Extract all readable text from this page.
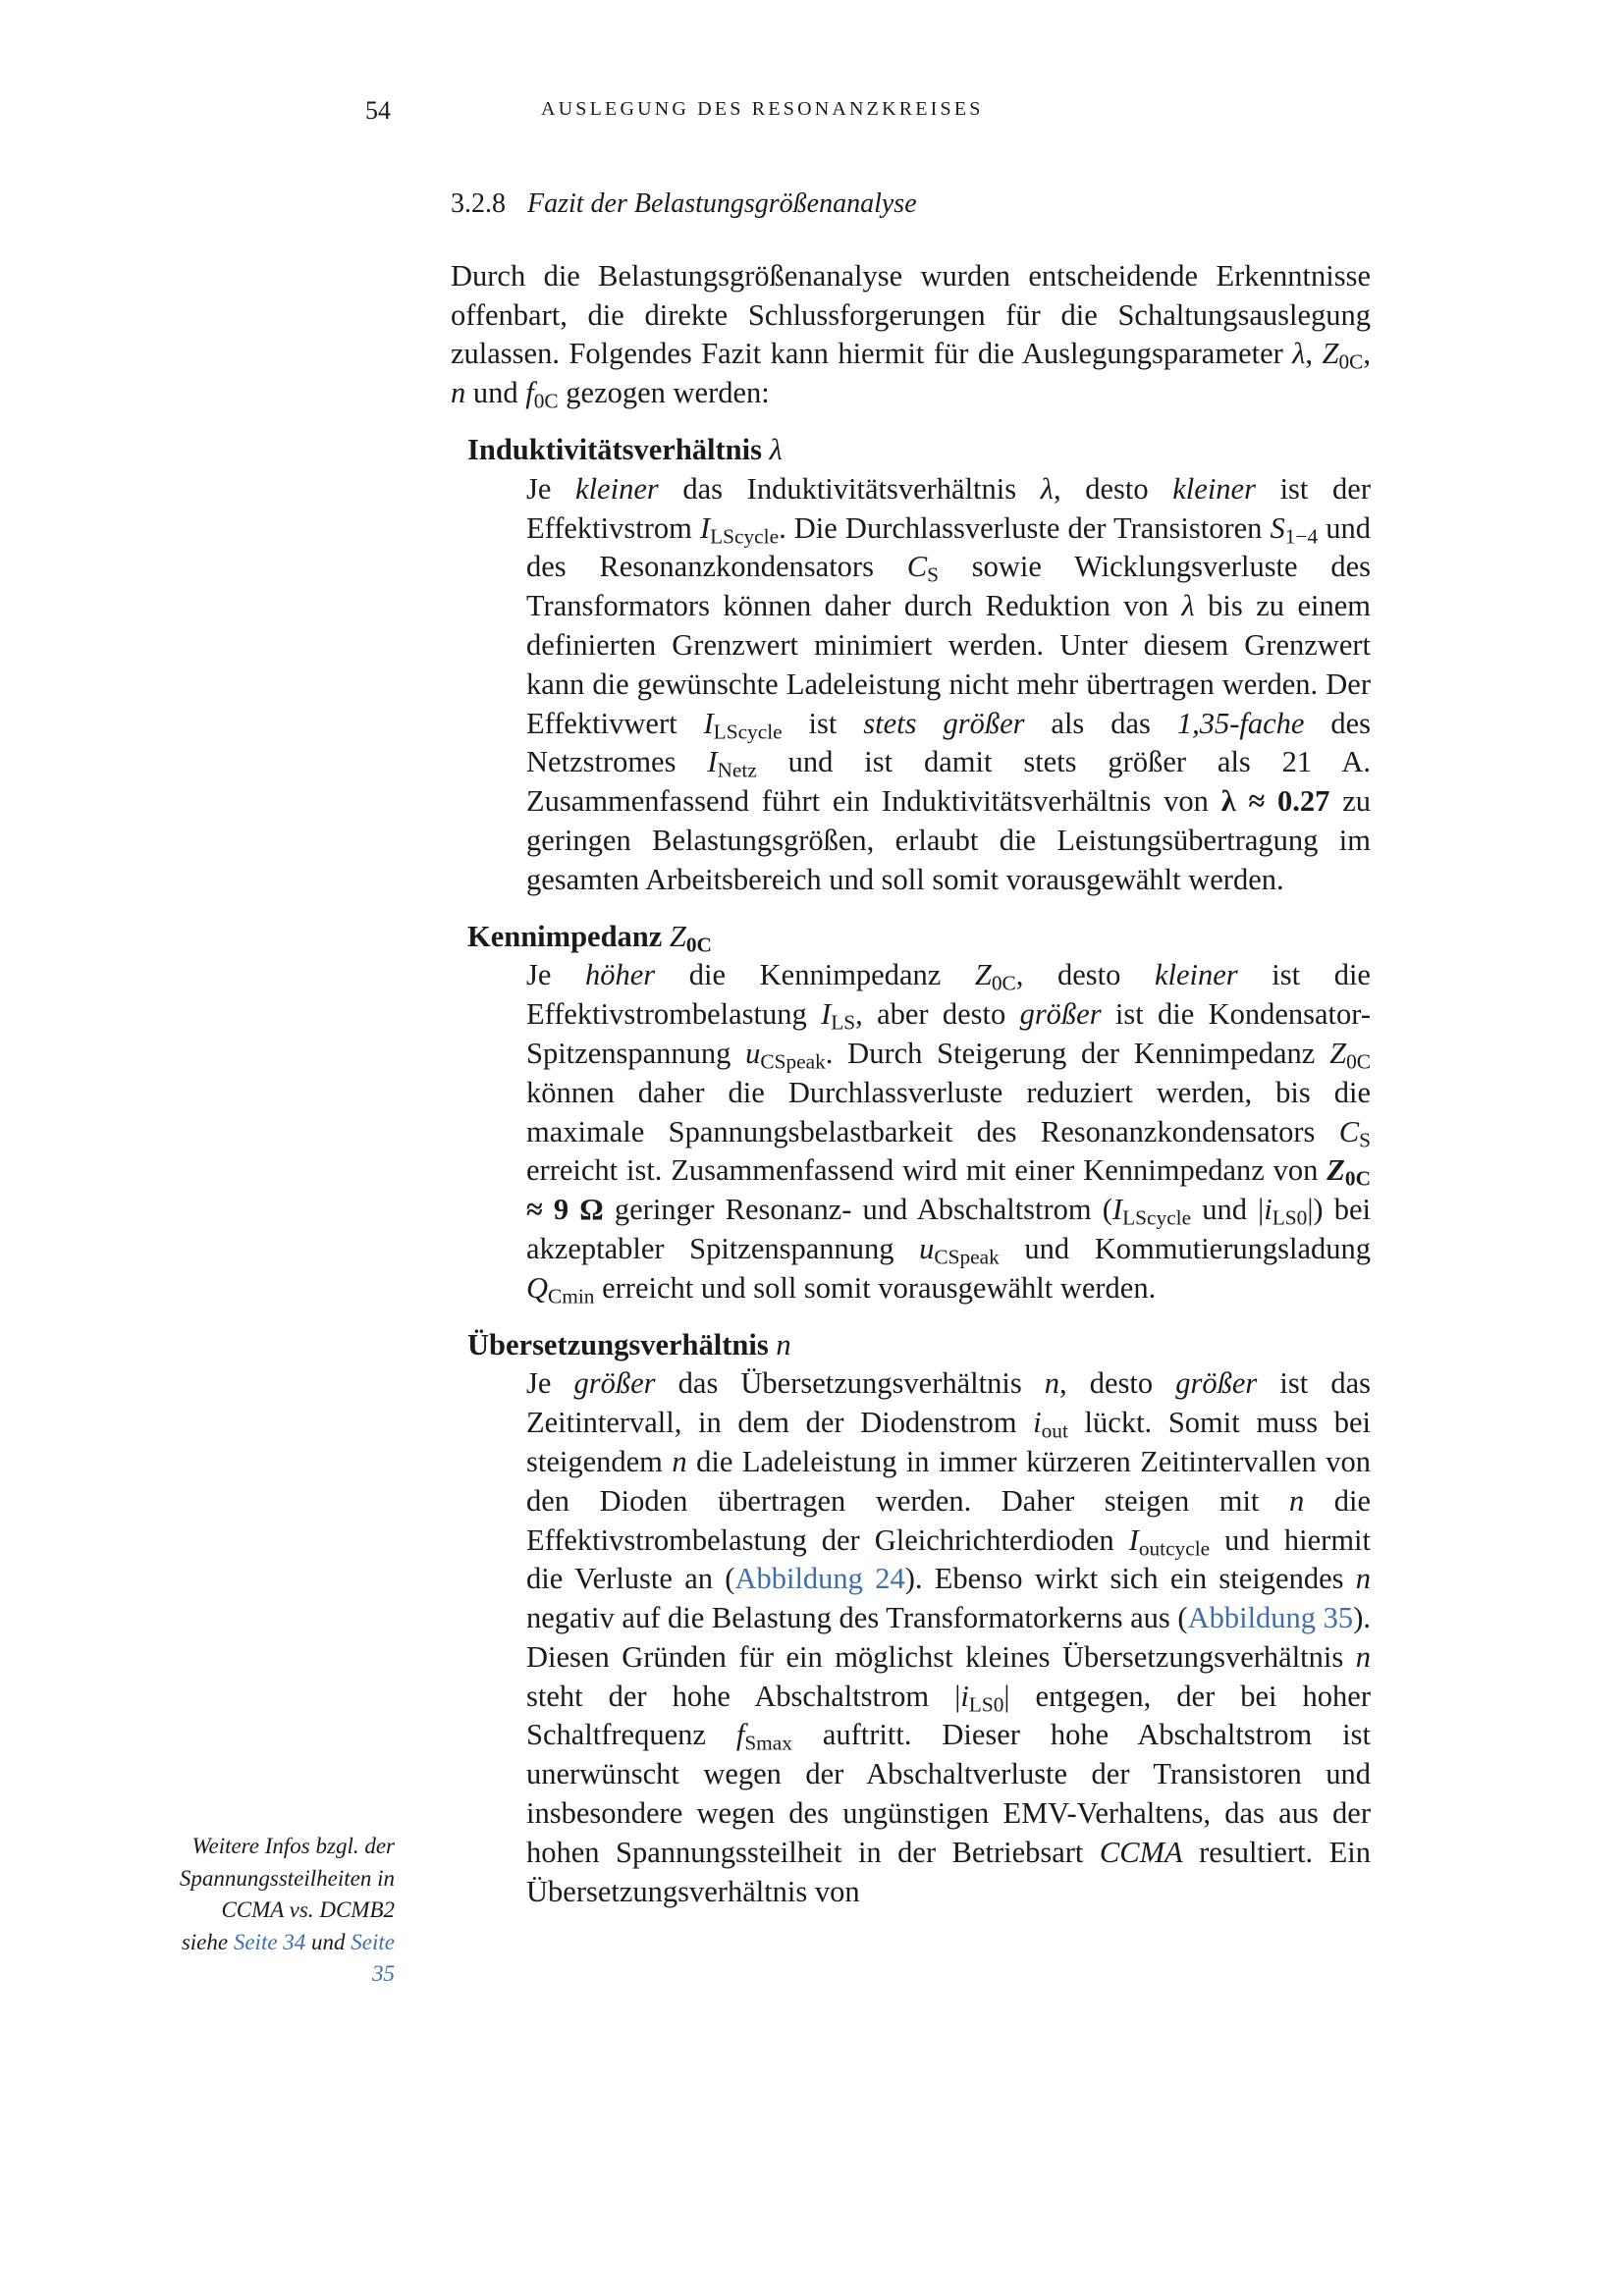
54	AUSLEGUNG DES RESONANZKREISES
3.2.8 Fazit der Belastungsgrößenanalyse

Durch die Belastungsgrößenanalyse wurden entscheidende Erkenntnisse offenbart, die direkte Schlussforgerungen für die Schaltungsauslegung zulassen. Folgendes Fazit kann hiermit für die Auslegungsparameter λ, $Z_{0C}$, n und $f_{0C}$ gezogen werden:

Induktivitätsverhältnis λ

Je kleiner das Induktivitätsverhältnis λ, desto kleiner ist der Effektivstrom $I_{LScycle}$. Die Durchlassverluste der Transistoren $S_{1-4}$ und des Resonanzkondensators $C_S$ sowie Wicklungsverluste des Transformators können daher durch Reduktion von λ bis zu einem definierten Grenzwert minimiert werden. Unter diesem Grenzwert kann die gewünschte Ladeleistung nicht mehr übertragen werden. Der Effektivwert $I_{LScycle}$ ist stets größer als das 1,35-fache des Netzstromes $I_{Netz}$ und ist damit stets größer als 21 A. Zusammenfassend führt ein Induktivitätsverhältnis von λ ≈ 0.27 zu geringen Belastungsgrößen, erlaubt die Leistungsübertragung im gesamten Arbeitsbereich und soll somit vorausgewählt werden.

Kennimpedanz $Z_{0C}$

Je höher die Kennimpedanz $Z_{0C}$, desto kleiner ist die Effektivstrombelastung $I_{LS}$, aber desto größer ist die Kondensator-Spitzenspannung $u_{CSpeak}$. Durch Steigerung der Kennimpedanz $Z_{0C}$ können daher die Durchlassverluste reduziert werden, bis die maximale Spannungsbelastbarkeit des Resonanzkondensators $C_S$ erreicht ist. Zusammenfassend wird mit einer Kennimpedanz von $Z_{0C} \approx 9$ Ω geringer Resonanz- und Abschaltstrom ($I_{LScycle}$ und $|i_{LS0}|$) bei akzeptabler Spitzenspannung $u_{CSpeak}$ und Kommutierungsladung $Q_{Cmin}$ erreicht und soll somit vorausgewählt werden.

Übersetzungsverhältnis n

Je größer das Übersetzungsverhältnis n, desto größer ist das Zeitintervall, in dem der Diodenstrom $i_{out}$ lückt. Somit muss bei steigendem n die Ladeleistung in immer kürzeren Zeitintervallen von den Dioden übertragen werden. Daher steigen mit n die Effektivstrombelastung der Gleichrichterdioden $I_{outcycle}$ und hiermit die Verluste an (Abbildung 24). Ebenso wirkt sich ein steigendes n negativ auf die Belastung des Transformatorkerns aus (Abbildung 35). Diesen Gründen für ein möglichst kleines Übersetzungsverhältnis n steht der hohe Abschaltstrom $|i_{LS0}|$ entgegen, der bei hoher Schaltfrequenz $f_{Smax}$ auftritt. Dieser hohe Abschaltstrom ist unerwünscht wegen der Abschaltverluste der Transistoren und insbesondere wegen des ungünstigen EMV-Verhaltens, das aus der hohen Spannungssteilheit in der Betriebsart CCMA resultiert. Ein Übersetzungsverhältnis von

Weitere Infos bzgl. der Spannungssteilheiten in CCMA vs. DCMB2 siehe Seite 34 und Seite 35
